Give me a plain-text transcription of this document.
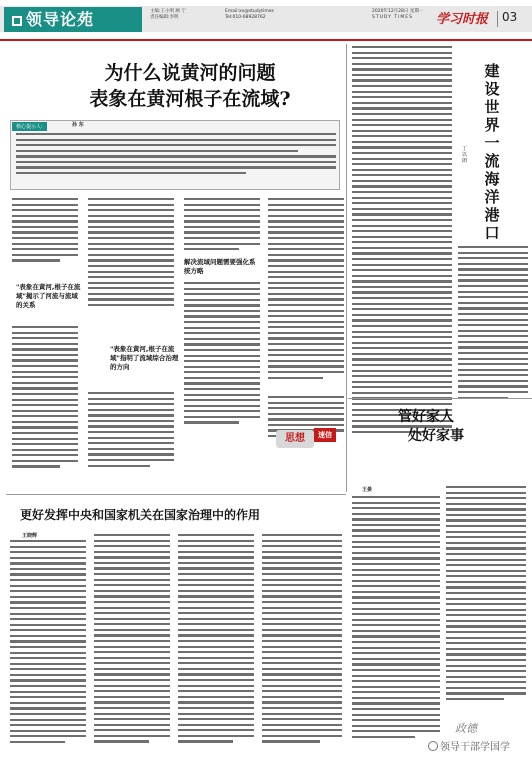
领导论苑	主编:王小明 顾 宁
责任编辑:李明
Email:xx@studytimes
Tel:010-68928762
2020年12月28日 星期一
STUDY TIMES	学习时报 03
为什么说黄河的问题
表象在黄河根子在流域?
核心提示人:	孙 东
"表象在黄河,根子在流域"揭示了河流与流域的关系
"表象在黄河,根子在流域"指明了流域综合治理的方向
解决流域问题需要强化系统方略
思想	速信
建设世界一流海洋港口
丁以朗
管好家人
处好家事
王晏
更好发挥中央和国家机关在国家治理中的作用
王晓辉
政德
领导干部学国学
